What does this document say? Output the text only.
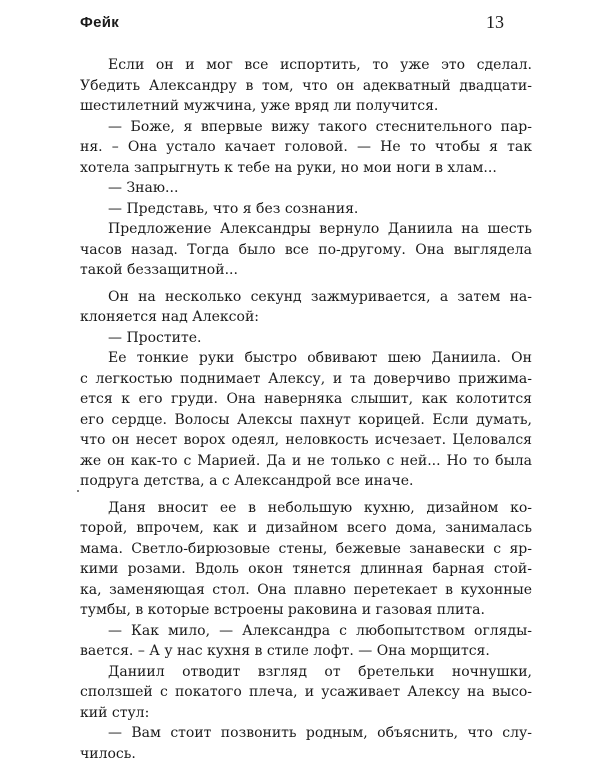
Фейк	13
Если он и мог все испортить, то уже это сделал.
Убедить Александру в том, что он адекватный двадцати-
шестилетний мужчина, уже вряд ли получится.
— Боже, я впервые вижу такого стеснительного пар-
ня. – Она устало качает головой. — Не то чтобы я так
хотела запрыгнуть к тебе на руки, но мои ноги в хлам...
— Знаю...
— Представь, что я без сознания.
Предложение Александры вернуло Даниила на шесть
часов назад. Тогда было все по-другому. Она выглядела
такой беззащитной...
Он на несколько секунд зажмуривается, а затем на-
клоняется над Алексой:
— Простите.
Ее тонкие руки быстро обвивают шею Даниила. Он
с легкостью поднимает Алексу, и та доверчиво прижима-
ется к его груди. Она наверняка слышит, как колотится
его сердце. Волосы Алексы пахнут корицей. Если думать,
что он несет ворох одеял, неловкость исчезает. Целовался
же он как-то с Марией. Да и не только с ней... Но то была
подруга детства, а с Александрой все иначе.
Даня вносит ее в небольшую кухню, дизайном ко-
торой, впрочем, как и дизайном всего дома, занималась
мама. Светло-бирюзовые стены, бежевые занавески с яр-
кими розами. Вдоль окон тянется длинная барная стой-
ка, заменяющая стол. Она плавно перетекает в кухонные
тумбы, в которые встроены раковина и газовая плита.
— Как мило, — Александра с любопытством огляды-
вается. – А у нас кухня в стиле лофт. — Она морщится.
Даниил отводит взгляд от бретельки ночнушки,
сползшей с покатого плеча, и усаживает Алексу на высо-
кий стул:
— Вам стоит позвонить родным, объяснить, что слу-
чилось.
